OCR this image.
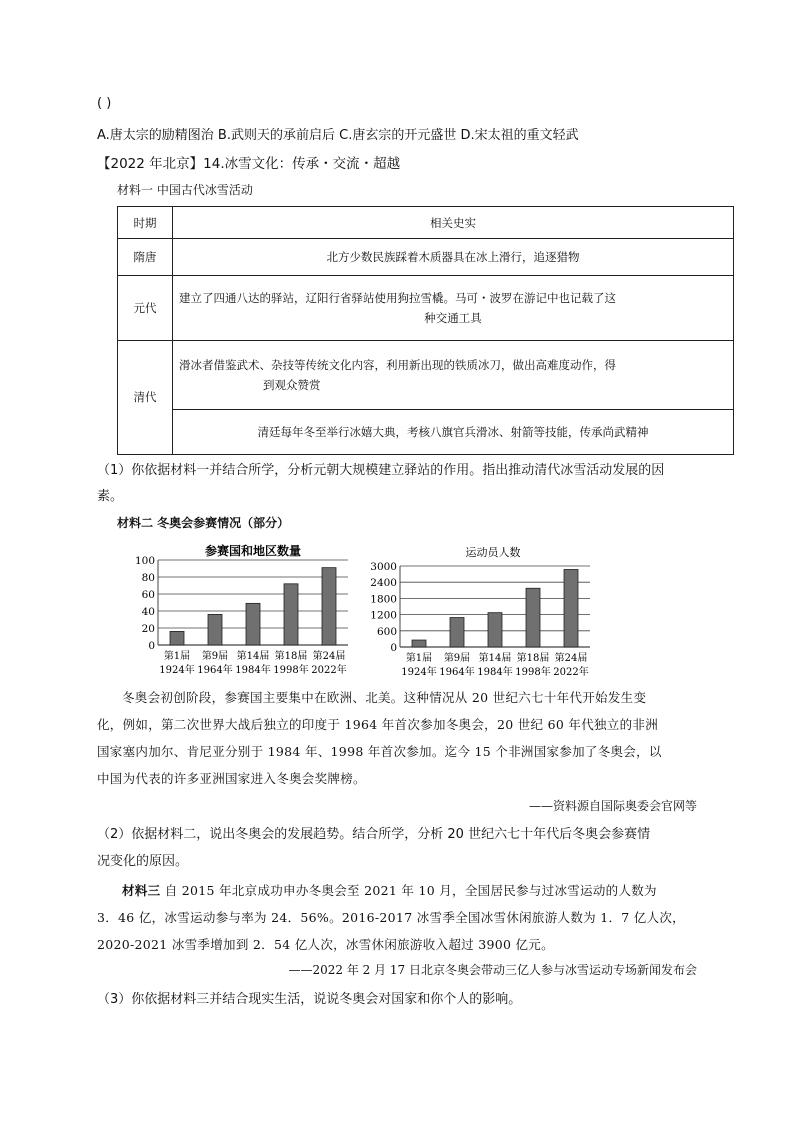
( )
A.唐太宗的励精图治 B.武则天的承前启后 C.唐玄宗的开元盛世 D.宋太祖的重文轻武
【2022 年北京】14.冰雪文化：传承・交流・超越
材料一 中国古代冰雪活动
时期	相关史实
隋唐	北方少数民族踩着木质器具在冰上滑行，追逐猎物
元代	建立了四通八达的驿站，辽阳行省驿站使用狗拉雪橇。马可・波罗在游记中也记载了这
种交通工具

清代	滑冰者借鉴武术、杂技等传统文化内容，利用新出现的铁质冰刀，做出高难度动作，得
到观众赞赏

	清廷每年冬至举行冰嬉大典，考核八旗官兵滑冰、射箭等技能，传承尚武精神
（1）你依据材料一并结合所学，分析元朝大规模建立驿站的作用。指出推动清代冰雪活动发展的因
素。
材料二 冬奥会参赛情况（部分）
参赛国和地区数量
0
20
40
60
80
100
第1届
1924年
第9届
1964年
第14届
1984年
第18届
1998年
第24届
2022年
运动员人数
0
600
1200
1800
2400
3000
第1届
1924年
第9届
1964年
第14届
1984年
第18届
1998年
第24届
2022年
冬奥会初创阶段，参赛国主要集中在欧洲、北美。这种情况从 20 世纪六七十年代开始发生变
化，例如，第二次世界大战后独立的印度于 1964 年首次参加冬奥会，20 世纪 60 年代独立的非洲
国家塞内加尔、肯尼亚分别于 1984 年、1998 年首次参加。迄今 15 个非洲国家参加了冬奥会，以
中国为代表的许多亚洲国家进入冬奥会奖牌榜。
——资料源自国际奥委会官网等
（2）依据材料二，说出冬奥会的发展趋势。结合所学，分析 20 世纪六七十年代后冬奥会参赛情
况变化的原因。
材料三 自 2015 年北京成功申办冬奥会至 2021 年 10 月，全国居民参与过冰雪运动的人数为
3．46 亿，冰雪运动参与率为 24．56%。2016-2017 冰雪季全国冰雪休闲旅游人数为 1．7 亿人次，
2020-2021 冰雪季增加到 2．54 亿人次，冰雪休闲旅游收入超过 3900 亿元。
——2022 年 2 月 17 日北京冬奥会带动三亿人参与冰雪运动专场新闻发布会
（3）你依据材料三并结合现实生活，说说冬奥会对国家和你个人的影响。
